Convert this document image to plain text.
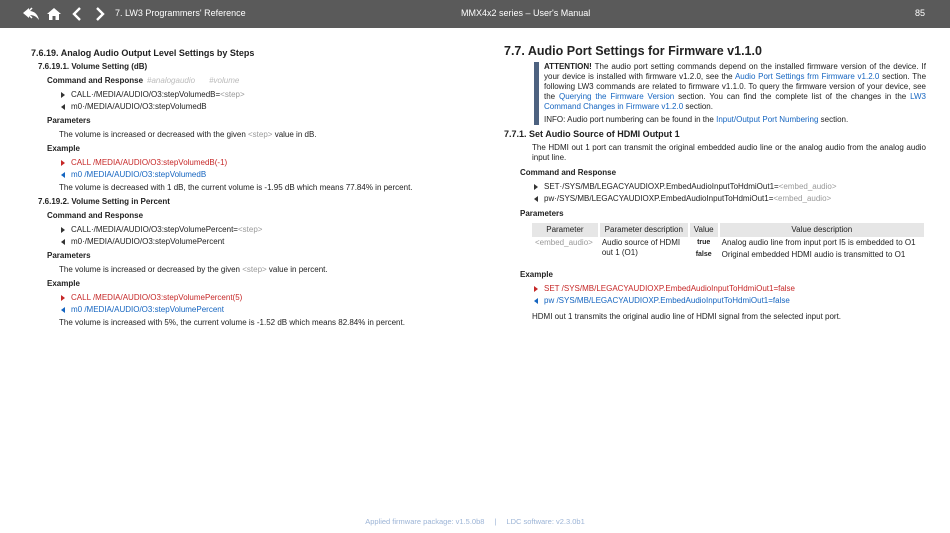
7. LW3 Programmers' Reference	MMX4x2 series – User's Manual	85
7.6.19. Analog Audio Output Level Settings by Steps
7.6.19.1. Volume Setting (dB)
Command and Response #analogaudio #volume
CALL·/MEDIA/AUDIO/O3:stepVolumedB= <step>
m0·/MEDIA/AUDIO/O3:stepVolumedB
Parameters
The volume is increased or decreased with the given <step> value in dB.
Example
CALL /MEDIA/AUDIO/O3:stepVolumedB(-1)
m0 /MEDIA/AUDIO/O3:stepVolumedB
The volume is decreased with 1 dB, the current volume is -1.95 dB which means 77.84% in percent.
7.6.19.2. Volume Setting in Percent
Command and Response
CALL·/MEDIA/AUDIO/O3:stepVolumePercent= <step>
m0·/MEDIA/AUDIO/O3:stepVolumePercent
Parameters
The volume is increased or decreased by the given <step> value in percent.
Example
CALL /MEDIA/AUDIO/O3:stepVolumePercent(5)
m0 /MEDIA/AUDIO/O3:stepVolumePercent
The volume is increased with 5%, the current volume is -1.52 dB which means 82.84% in percent.
7.7. Audio Port Settings for Firmware v1.1.0

ATTENTION! The audio port setting commands depend on the installed firmware version of the device. If your device is installed with firmware v1.2.0, see the Audio Port Settings frm Firmware v1.2.0 section. The following LW3 commands are related to firmware v1.1.0. To query the firmware version of your device, see the Querying the Firmware Version section. You can find the complete list of the changes in the LW3 Command Changes in Firmware v1.2.0 section.

INFO: Audio port numbering can be found in the Input/Output Port Numbering section.

7.7.1. Set Audio Source of HDMI Output 1
The HDMI out 1 port can transmit the original embedded audio line or the analog audio from the analog audio input line.
Command and Response
SET·/SYS/MB/LEGACYAUDIOXP.EmbedAudioInputToHdmiOut1= <embed_audio>
pw·/SYS/MB/LEGACYAUDIOXP.EmbedAudioInputToHdmiOut1= <embed_audio>
Parameters
Parameter	Parameter description	Value	Value description
<embed_audio>	Audio source of HDMI out 1 (O1)	true	Analog audio line from input port I5 is embedded to O1
		false	Original embedded HDMI audio is transmitted to O1
Example
SET /SYS/MB/LEGACYAUDIOXP.EmbedAudioInputToHdmiOut1=false
pw /SYS/MB/LEGACYAUDIOXP.EmbedAudioInputToHdmiOut1=false
HDMI out 1 transmits the original audio line of HDMI signal from the selected input port.
Applied firmware package: v1.5.0b8 | LDC software: v2.3.0b1
